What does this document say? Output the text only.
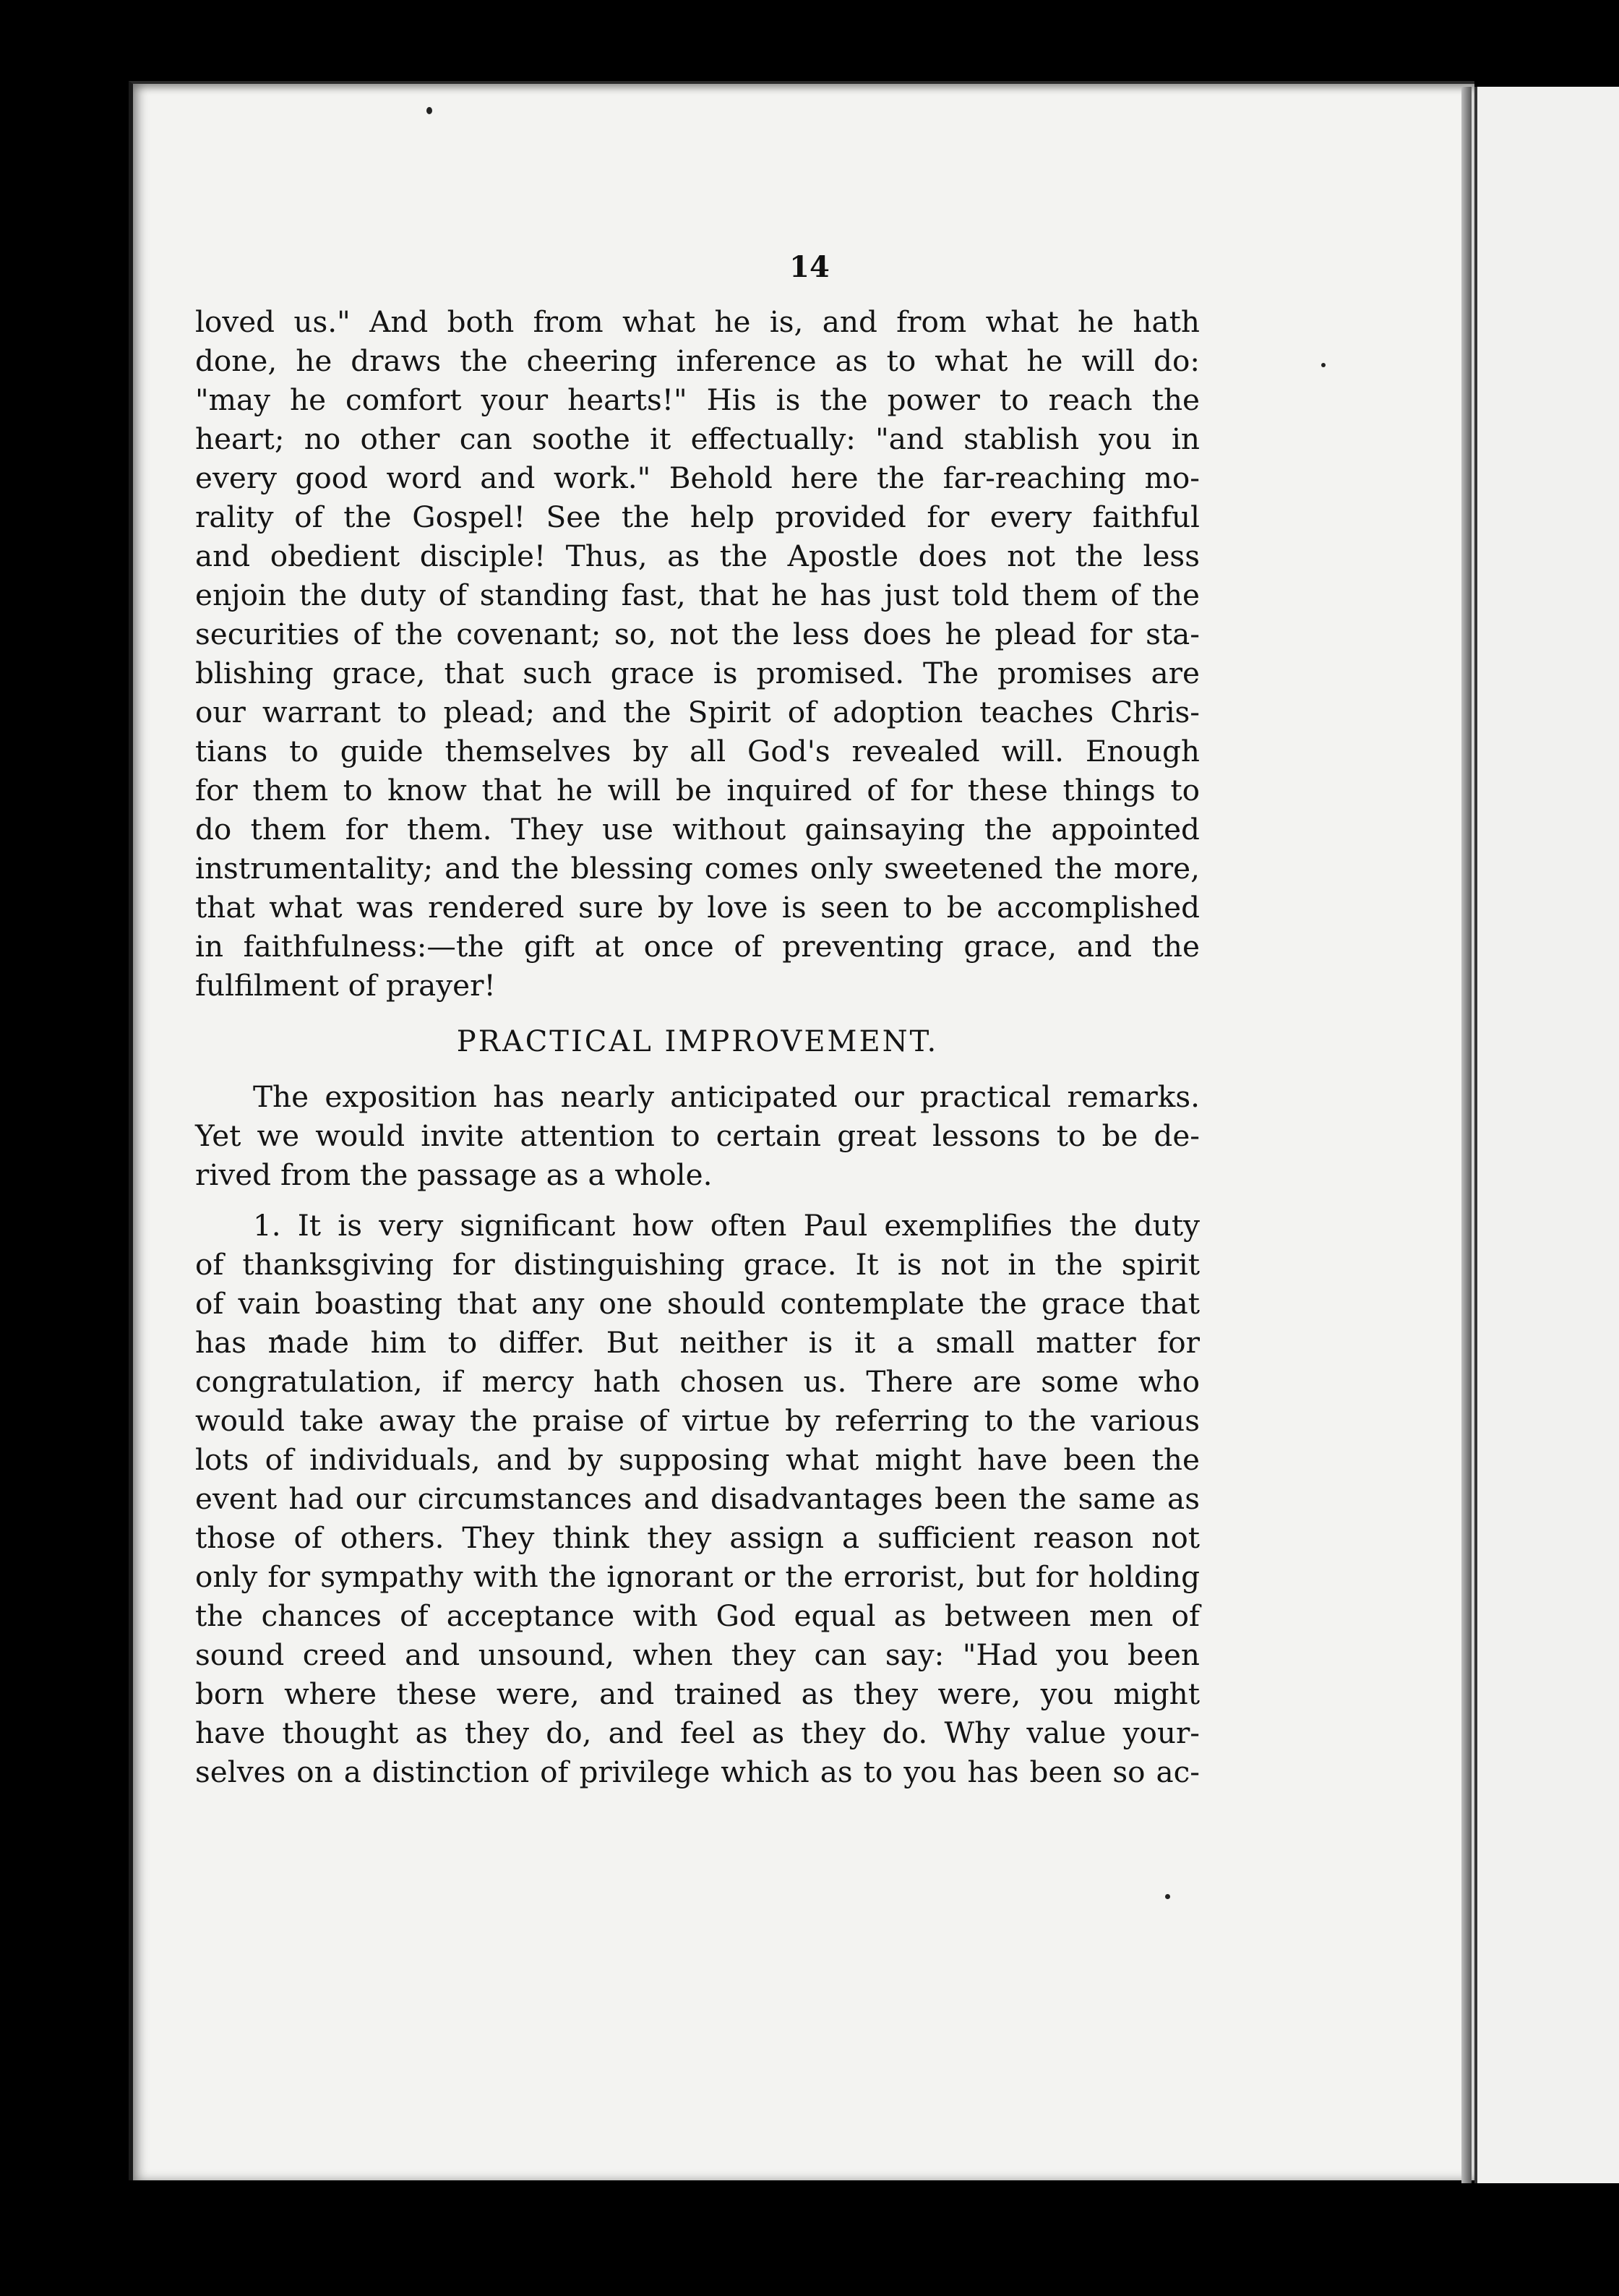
14
loved us." And both from what he is, and from what he hath
done, he draws the cheering inference as to what he will do:
"may he comfort your hearts!" His is the power to reach the
heart; no other can soothe it effectually: "and stablish you in
every good word and work." Behold here the far-reaching mo-
rality of the Gospel! See the help provided for every faithful
and obedient disciple! Thus, as the Apostle does not the less
enjoin the duty of standing fast, that he has just told them of the
securities of the covenant; so, not the less does he plead for sta-
blishing grace, that such grace is promised. The promises are
our warrant to plead; and the Spirit of adoption teaches Chris-
tians to guide themselves by all God's revealed will. Enough
for them to know that he will be inquired of for these things to
do them for them. They use without gainsaying the appointed
instrumentality; and the blessing comes only sweetened the more,
that what was rendered sure by love is seen to be accomplished
in faithfulness:—the gift at once of preventing grace, and the
fulfilment of prayer!
PRACTICAL IMPROVEMENT.
The exposition has nearly anticipated our practical remarks.
Yet we would invite attention to certain great lessons to be de-
rived from the passage as a whole.
1. It is very significant how often Paul exemplifies the duty
of thanksgiving for distinguishing grace. It is not in the spirit
of vain boasting that any one should contemplate the grace that
has made him to differ. But neither is it a small matter for
congratulation, if mercy hath chosen us. There are some who
would take away the praise of virtue by referring to the various
lots of individuals, and by supposing what might have been the
event had our circumstances and disadvantages been the same as
those of others. They think they assign a sufficient reason not
only for sympathy with the ignorant or the errorist, but for holding
the chances of acceptance with God equal as between men of
sound creed and unsound, when they can say: "Had you been
born where these were, and trained as they were, you might
have thought as they do, and feel as they do. Why value your-
selves on a distinction of privilege which as to you has been so ac-
